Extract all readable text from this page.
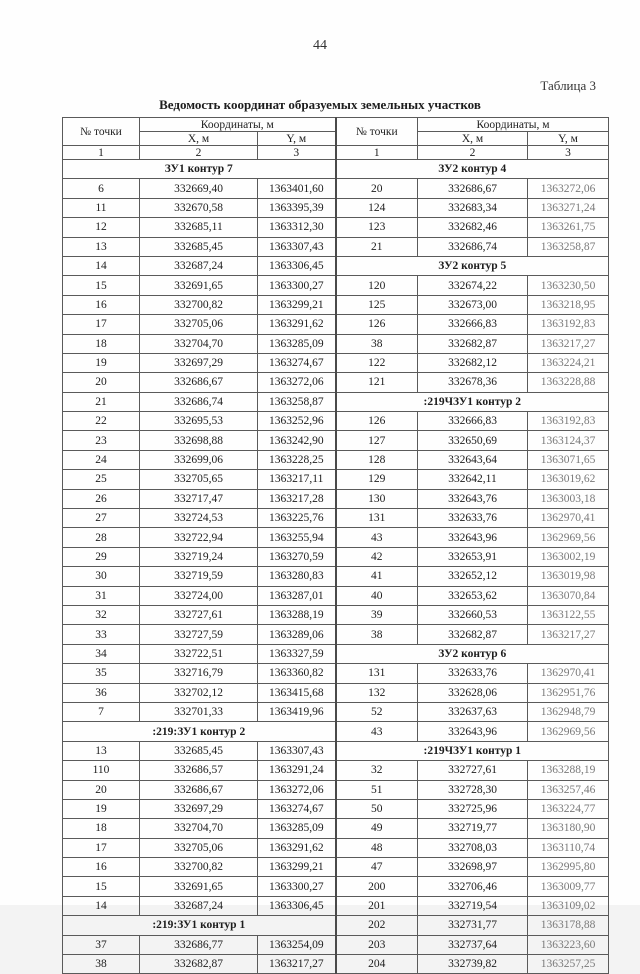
44
Таблица 3
Ведомость координат образуемых земельных участков
№ точки	Координаты, м		№ точки	Координаты, м	
	X, м	Y, м		X, м	Y, м
1	2	3	1	2	3
ЗУ1 контур 7			ЗУ2 контур 4		
6	332669,40	1363401,60	20	332686,67	1363272,06
11	332670,58	1363395,39	124	332683,34	1363271,24
12	332685,11	1363312,30	123	332682,46	1363261,75
13	332685,45	1363307,43	21	332686,74	1363258,87
14	332687,24	1363306,45	ЗУ2 контур 5		
15	332691,65	1363300,27	120	332674,22	1363230,50
16	332700,82	1363299,21	125	332673,00	1363218,95
17	332705,06	1363291,62	126	332666,83	1363192,83
18	332704,70	1363285,09	38	332682,87	1363217,27
19	332697,29	1363274,67	122	332682,12	1363224,21
20	332686,67	1363272,06	121	332678,36	1363228,88
21	332686,74	1363258,87	:219ЧЗУ1 контур 2		
22	332695,53	1363252,96	126	332666,83	1363192,83
23	332698,88	1363242,90	127	332650,69	1363124,37
24	332699,06	1363228,25	128	332643,64	1363071,65
25	332705,65	1363217,11	129	332642,11	1363019,62
26	332717,47	1363217,28	130	332643,76	1363003,18
27	332724,53	1363225,76	131	332633,76	1362970,41
28	332722,94	1363255,94	43	332643,96	1362969,56
29	332719,24	1363270,59	42	332653,91	1363002,19
30	332719,59	1363280,83	41	332652,12	1363019,98
31	332724,00	1363287,01	40	332653,62	1363070,84
32	332727,61	1363288,19	39	332660,53	1363122,55
33	332727,59	1363289,06	38	332682,87	1363217,27
34	332722,51	1363327,59	ЗУ2 контур 6		
35	332716,79	1363360,82	131	332633,76	1362970,41
36	332702,12	1363415,68	132	332628,06	1362951,76
7	332701,33	1363419,96	52	332637,63	1362948,79
:219:ЗУ1 контур 2			43	332643,96	1362969,56
13	332685,45	1363307,43	:219ЧЗУ1 контур 1		
110	332686,57	1363291,24	32	332727,61	1363288,19
20	332686,67	1363272,06	51	332728,30	1363257,46
19	332697,29	1363274,67	50	332725,96	1363224,77
18	332704,70	1363285,09	49	332719,77	1363180,90
17	332705,06	1363291,62	48	332708,03	1363110,74
16	332700,82	1363299,21	47	332698,97	1362995,80
15	332691,65	1363300,27	200	332706,46	1363009,77
14	332687,24	1363306,45	201	332719,54	1363109,02
:219:ЗУ1 контур 1			202	332731,77	1363178,88
37	332686,77	1363254,09	203	332737,64	1363223,60
38	332682,87	1363217,27	204	332739,82	1363257,25
